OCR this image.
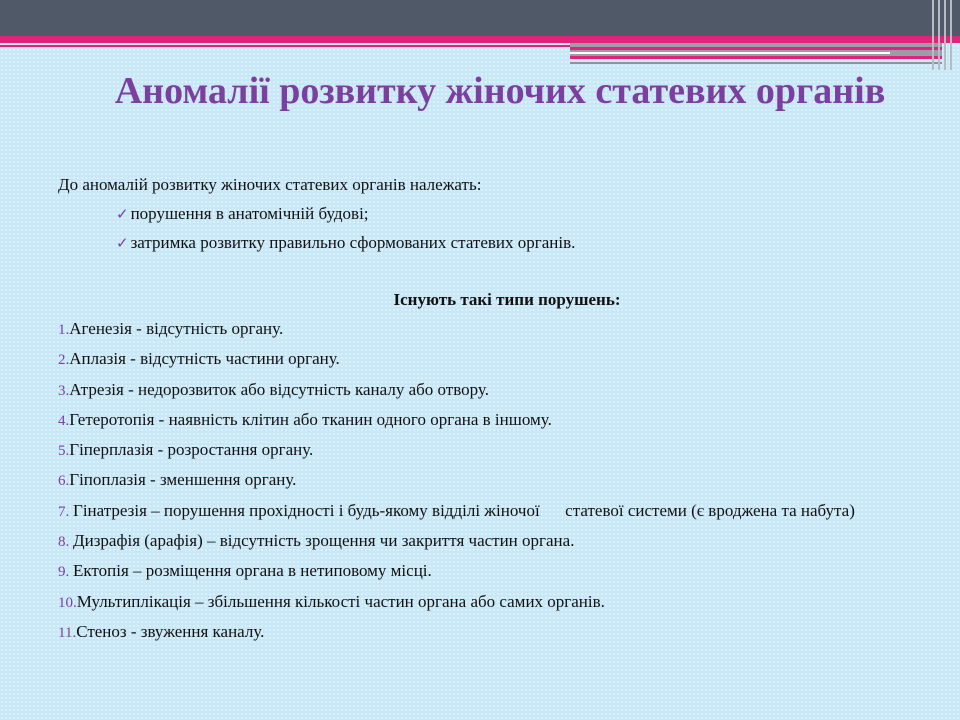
Аномалії розвитку жіночих статевих органів
До аномалій розвитку жіночих статевих органів належать:
✓ порушення в анатомічній будові;
✓ затримка розвитку правильно сформованих статевих органів.
Існують такі типи порушень:
1.Агенезія - відсутність органу.
2.Аплазія - відсутність частини органу.
3.Атрезія - недорозвиток або відсутність каналу або отвору.
4.Гетеротопія - наявність клітин або тканин одного органа в іншому.
5.Гіперплазія - розростання органу.
6.Гіпоплазія - зменшення органу.
7. Гінатрезія – порушення прохідності і будь-якому відділі жіночої      статевої системи (є вроджена та набута)
8. Дизрафія (арафія) – відсутність зрощення чи закриття частин органа.
9. Ектопія – розміщення органа в нетиповому місці.
10.Мультиплікація – збільшення кількості частин органа або самих органів.
11.Стеноз - звуження каналу.
